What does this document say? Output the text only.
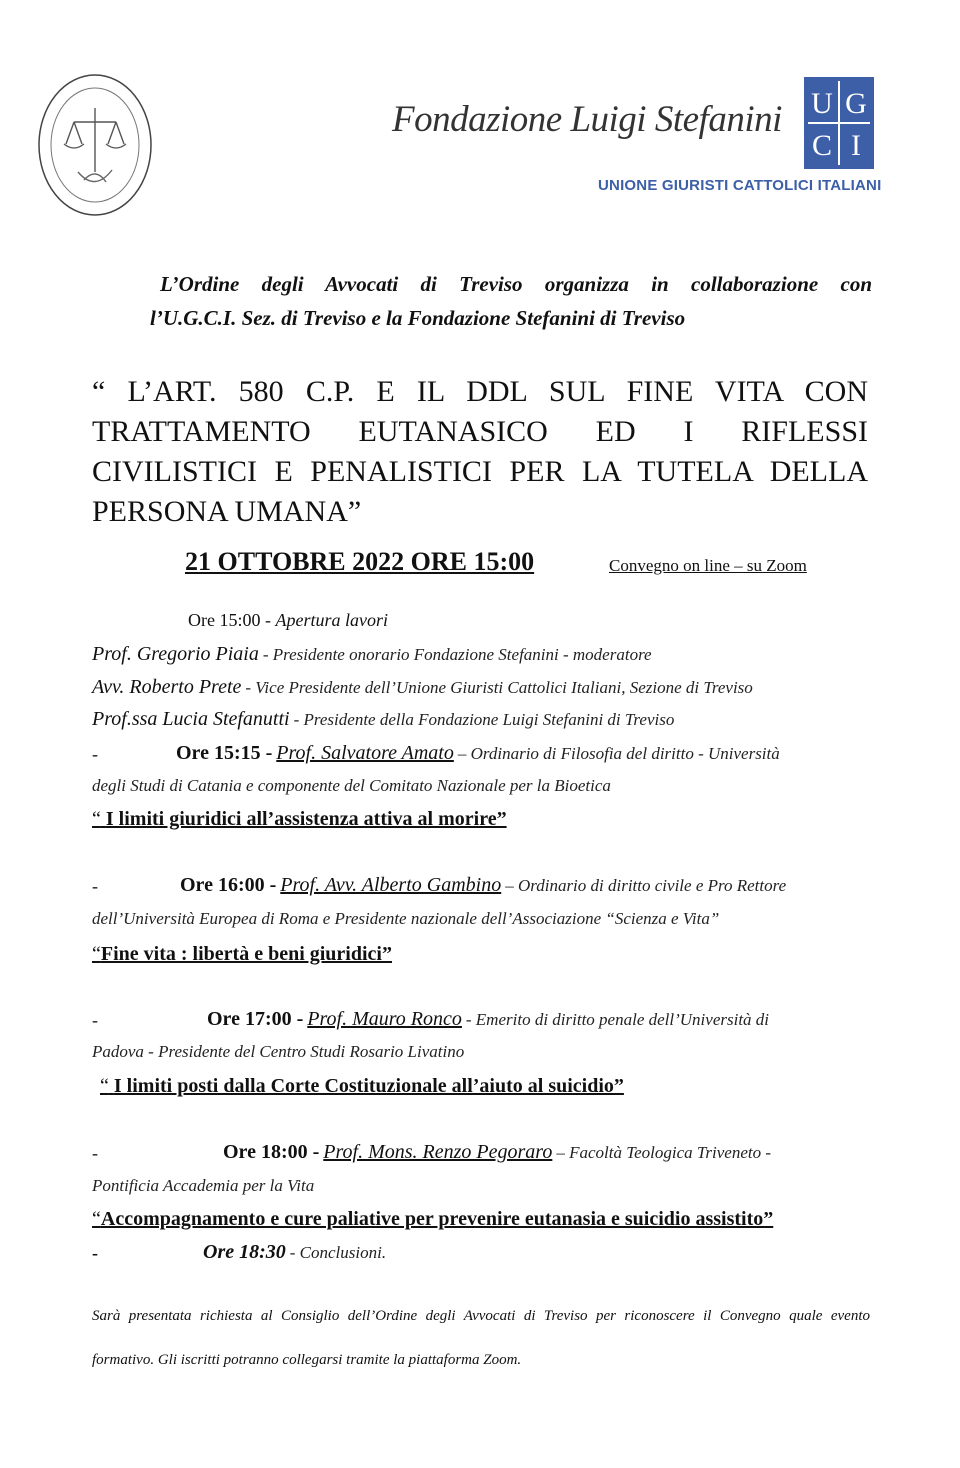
Fondazione Luigi Stefanini U G
C I
UNIONE GIURISTI CATTOLICI ITALIANI
L’Ordine degli Avvocati di Treviso organizza in collaborazione con
l’U.G.C.I. Sez. di Treviso e la Fondazione Stefanini di Treviso
“ L’ART. 580 C.P. E IL DDL SUL FINE VITA CON TRATTAMENTO EUTANASICO ED I RIFLESSI CIVILISTICI E PENALISTICI PER LA TUTELA DELLA PERSONA UMANA”
21 OTTOBRE 2022 ORE 15:00	Convegno on line – su Zoom
Ore 15:00 - Apertura lavori
Prof. Gregorio Piaia - Presidente onorario Fondazione Stefanini - moderatore
Avv. Roberto Prete - Vice Presidente dell’Unione Giuristi Cattolici Italiani, Sezione di Treviso
Prof.ssa Lucia Stefanutti - Presidente della Fondazione Luigi Stefanini di Treviso
-	Ore 15:15 - Prof. Salvatore Amato – Ordinario di Filosofia del diritto - Università
degli Studi di Catania e componente del Comitato Nazionale per la Bioetica
“ I limiti giuridici all’assistenza attiva al morire”
-	Ore 16:00 - Prof. Avv. Alberto Gambino – Ordinario di diritto civile e Pro Rettore
dell’Università Europea di Roma e Presidente nazionale dell’Associazione “Scienza e Vita”
“Fine vita : libertà e beni giuridici”
-	Ore 17:00 - Prof. Mauro Ronco - Emerito di diritto penale dell’Università di
Padova - Presidente del Centro Studi Rosario Livatino
“ I limiti posti dalla Corte Costituzionale all’aiuto al suicidio”
-	Ore 18:00 - Prof. Mons. Renzo Pegoraro – Facoltà Teologica Triveneto -
Pontificia Accademia per la Vita
“Accompagnamento e cure paliative per prevenire eutanasia e suicidio assistito”
-	Ore 18:30 - Conclusioni.
Sarà presentata richiesta al Consiglio dell’Ordine degli Avvocati di Treviso per riconoscere il Convegno quale evento
formativo. Gli iscritti potranno collegarsi tramite la piattaforma Zoom.
